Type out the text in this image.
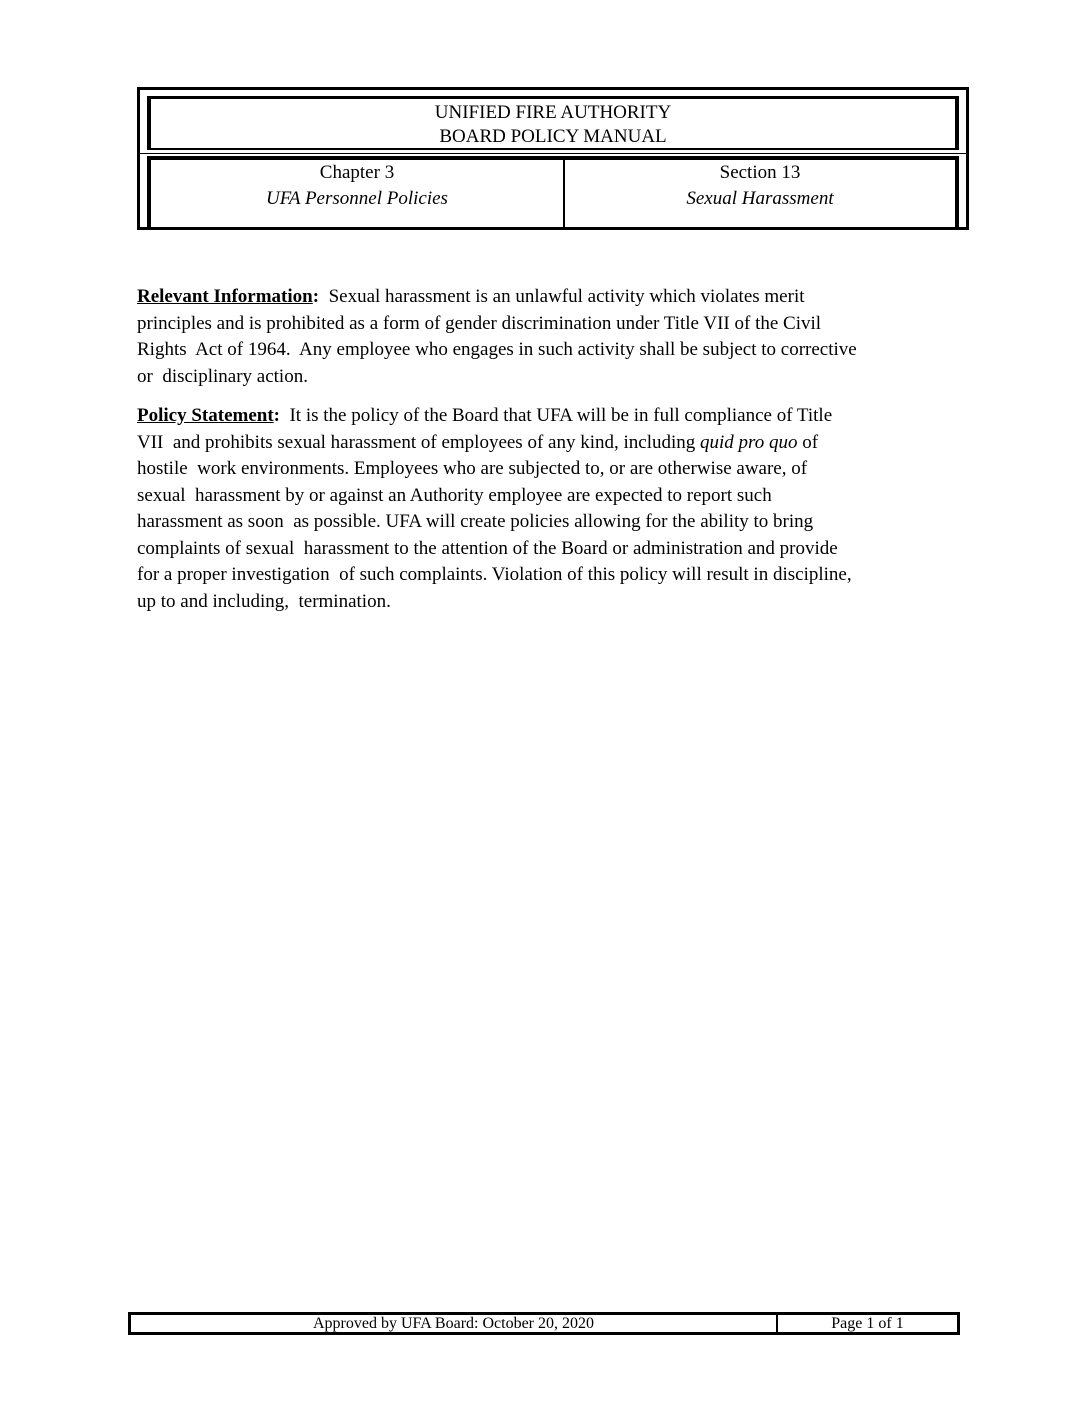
UNIFIED FIRE AUTHORITY
BOARD POLICY MANUAL
Chapter 3
UFA Personnel Policies
Section 13
Sexual Harassment
Relevant Information:  Sexual harassment is an unlawful activity which violates merit
principles and is prohibited as a form of gender discrimination under Title VII of the Civil
Rights  Act of 1964.  Any employee who engages in such activity shall be subject to corrective
or  disciplinary action.
Policy Statement:  It is the policy of the Board that UFA will be in full compliance of Title
VII  and prohibits sexual harassment of employees of any kind, including quid pro quo of
hostile  work environments. Employees who are subjected to, or are otherwise aware, of
sexual  harassment by or against an Authority employee are expected to report such
harassment as soon  as possible. UFA will create policies allowing for the ability to bring
complaints of sexual  harassment to the attention of the Board or administration and provide
for a proper investigation  of such complaints. Violation of this policy will result in discipline,
up to and including,  termination.
Approved by UFA Board: October 20, 2020	Page 1 of 1
